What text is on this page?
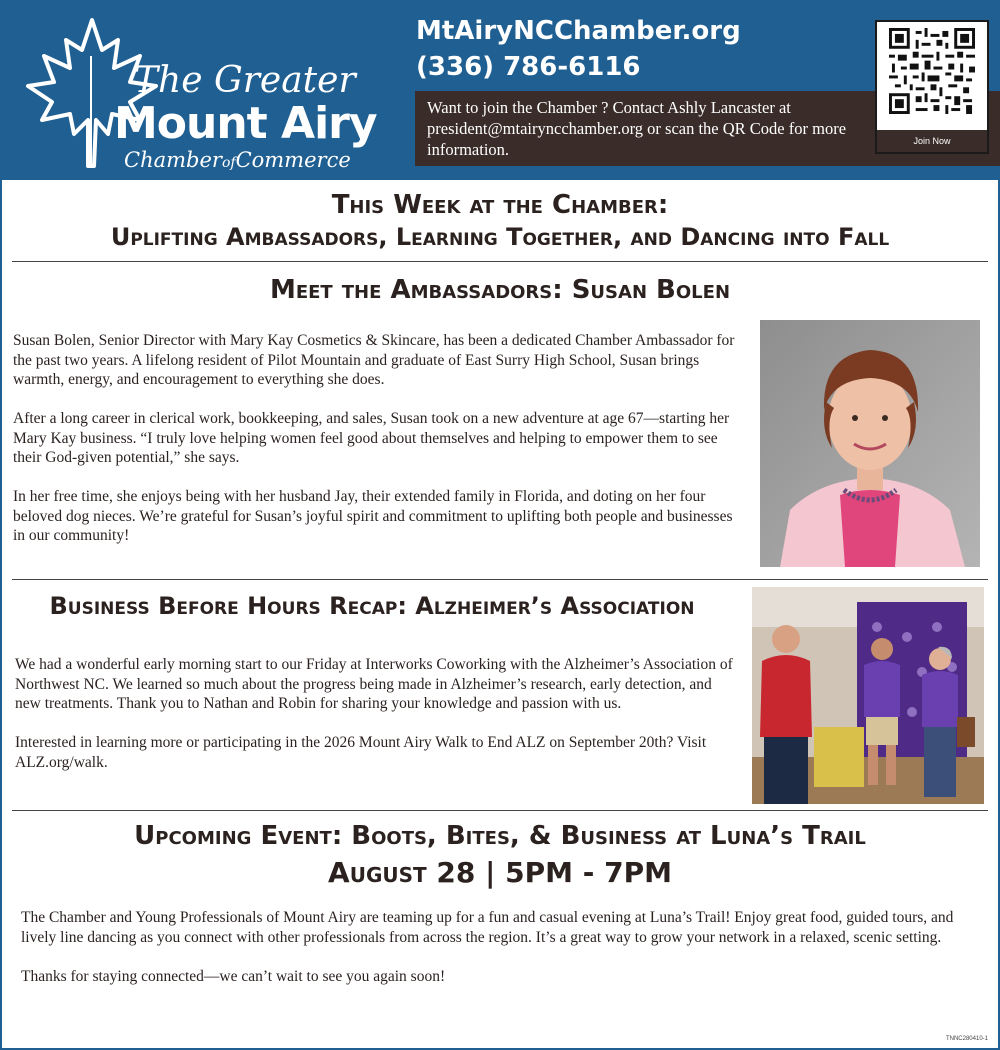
The Greater
Mount Airy
ChamberofCommerce
MtAiryNCChamber.org
(336) 786-6116
Want to join the Chamber ? Contact Ashly Lancaster at president@mtairyncchamber.org or scan the QR Code for more information.	Join Now
This Week at the Chamber:
Uplifting Ambassadors, Learning Together, and Dancing into Fall
Meet the Ambassadors: Susan Bolen

Susan Bolen, Senior Director with Mary Kay Cosmetics & Skincare, has been a dedicated Chamber Ambassador for the past two years. A lifelong resident of Pilot Mountain and graduate of East Surry High School, Susan brings warmth, energy, and encouragement to everything she does.

After a long career in clerical work, bookkeeping, and sales, Susan took on a new adventure at age 67—starting her Mary Kay business. “I truly love helping women feel good about themselves and helping to empower them to see their God-given potential,” she says.

In her free time, she enjoys being with her husband Jay, their extended family in Florida, and doting on her four beloved dog nieces. We’re grateful for Susan’s joyful spirit and commitment to uplifting both people and businesses in our community!

Business Before Hours Recap: Alzheimer’s Association

We had a wonderful early morning start to our Friday at Interworks Coworking with the Alzheimer’s Association of Northwest NC. We learned so much about the progress being made in Alzheimer’s research, early detection, and new treatments. Thank you to Nathan and Robin for sharing your knowledge and passion with us.

Interested in learning more or participating in the 2026 Mount Airy Walk to End ALZ on September 20th? Visit ALZ.org/walk.

Upcoming Event: Boots, Bites, & Business at Luna’s Trail
August 28 | 5PM - 7PM

The Chamber and Young Professionals of Mount Airy are teaming up for a fun and casual evening at Luna’s Trail! Enjoy great food, guided tours, and lively line dancing as you connect with other professionals from across the region. It’s a great way to grow your network in a relaxed, scenic setting.

Thanks for staying connected—we can’t wait to see you again soon!

TNNC280410-1
